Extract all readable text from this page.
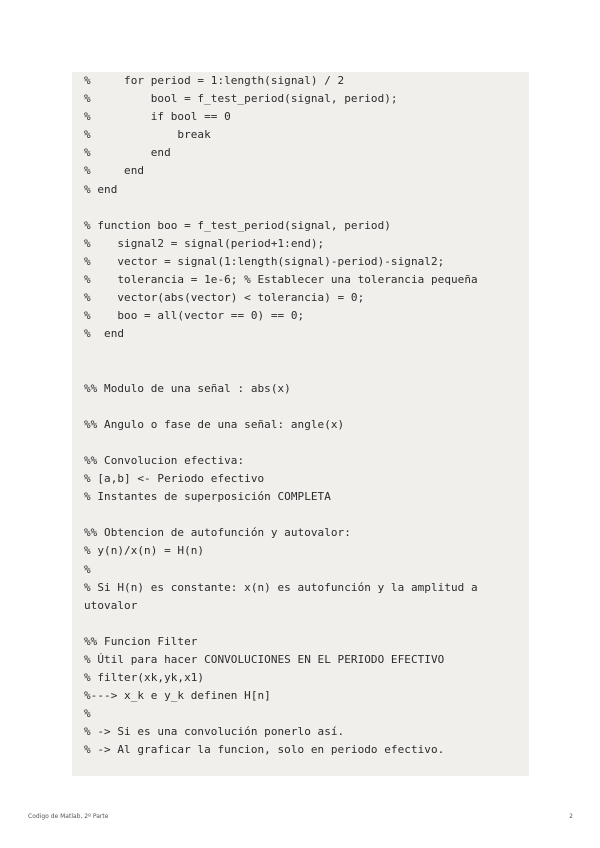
%     for period = 1:length(signal) / 2
%         bool = f_test_period(signal, period);
%         if bool == 0
%             break
%         end
%     end
% end
% function boo = f_test_period(signal, period)
%    signal2 = signal(period+1:end);
%    vector = signal(1:length(signal)-period)-signal2;
%    tolerancia = 1e-6; % Establecer una tolerancia pequeña
%    vector(abs(vector) < tolerancia) = 0;
%    boo = all(vector == 0) == 0;
%  end
%% Modulo de una señal : abs(x)
%% Angulo o fase de una señal: angle(x)
%% Convolucion efectiva:
% [a,b] <- Periodo efectivo
% Instantes de superposición COMPLETA
%% Obtencion de autofunción y autovalor:
% y(n)/x(n) = H(n)
%
% Si H(n) es constante: x(n) es autofunción y la amplitud a
utovalor
%% Funcion Filter
% Útil para hacer CONVOLUCIONES EN EL PERIODO EFECTIVO
% filter(xk,yk,x1)
%---> x_k e y_k definen H[n]
%
% -> Si es una convolución ponerlo así.
% -> Al graficar la funcion, solo en periodo efectivo.
Codigo de Matlab, 2º Parte	2
